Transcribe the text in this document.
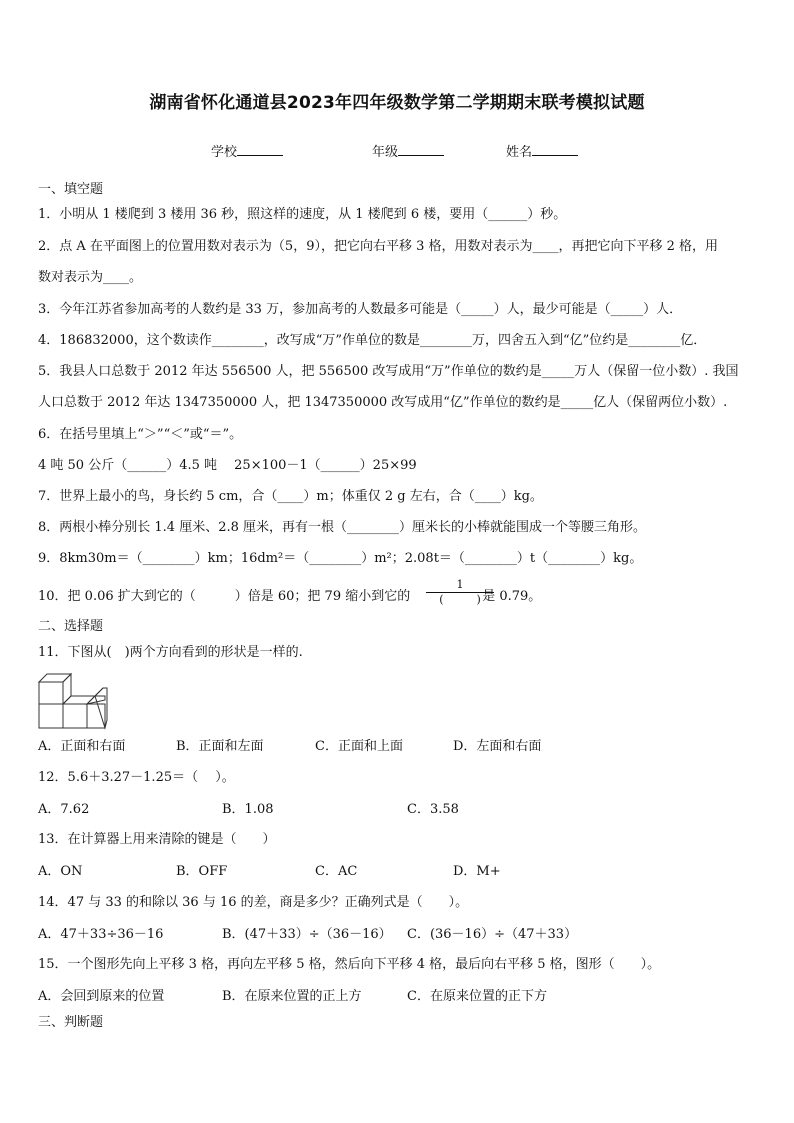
湖南省怀化通道县2023年四年级数学第二学期期末联考模拟试题
学校	年级	姓名
一、填空题
1．小明从 1 楼爬到 3 楼用 36 秒，照这样的速度，从 1 楼爬到 6 楼，要用（______）秒。
2．点 A 在平面图上的位置用数对表示为（5，9），把它向右平移 3 格，用数对表示为____，再把它向下平移 2 格，用
数对表示为____。
3．今年江苏省参加高考的人数约是 33 万，参加高考的人数最多可能是（_____）人，最少可能是（_____）人．
4．186832000，这个数读作________，改写成“万”作单位的数是________万，四舍五入到“亿”位约是________亿．
5．我县人口总数于 2012 年达 556500 人，把 556500 改写成用“万”作单位的数约是_____万人（保留一位小数）. 我国
人口总数于 2012 年达 1347350000 人，把 1347350000 改写成用“亿”作单位的数约是_____亿人（保留两位小数）.
6．在括号里填上“＞”“＜”或“＝”。
4 吨 50 公斤（______）4.5 吨　 25×100－1（______）25×99
7．世界上最小的鸟，身长约 5 cm，合（____）m；体重仅 2 g 左右，合（____）kg。
8．两根小棒分别长 1.4 厘米、2.8 厘米，再有一根（________）厘米长的小棒就能围成一个等腰三角形。
9．8km30m＝（________）km；16dm²＝（________）m²；2.08t＝（________）t（________）kg。
10．把 0.06 扩大到它的（　　　）倍是 60；把 79 缩小到它的	是 0.79。
1
(　　　)
二、选择题
11．下图从(　)两个方向看到的形状是一样的.
A．正面和右面	B．正面和左面	C．正面和上面	D．左面和右面
12．5.6＋3.27－1.25＝（　 ）。
A．7.62	B．1.08	C．3.58
13．在计算器上用来清除的键是（　　）
A．ON	B．OFF	C．AC	D．M+
14．47 与 33 的和除以 36 与 16 的差，商是多少？正确列式是（　　）。
A．47＋33÷36－16	B．(47＋33）÷（36－16） C．(36－16）÷（47＋33）
15．一个图形先向上平移 3 格，再向左平移 5 格，然后向下平移 4 格，最后向右平移 5 格，图形（　　）。
A．会回到原来的位置	B．在原来位置的正上方	C．在原来位置的正下方
三、判断题
